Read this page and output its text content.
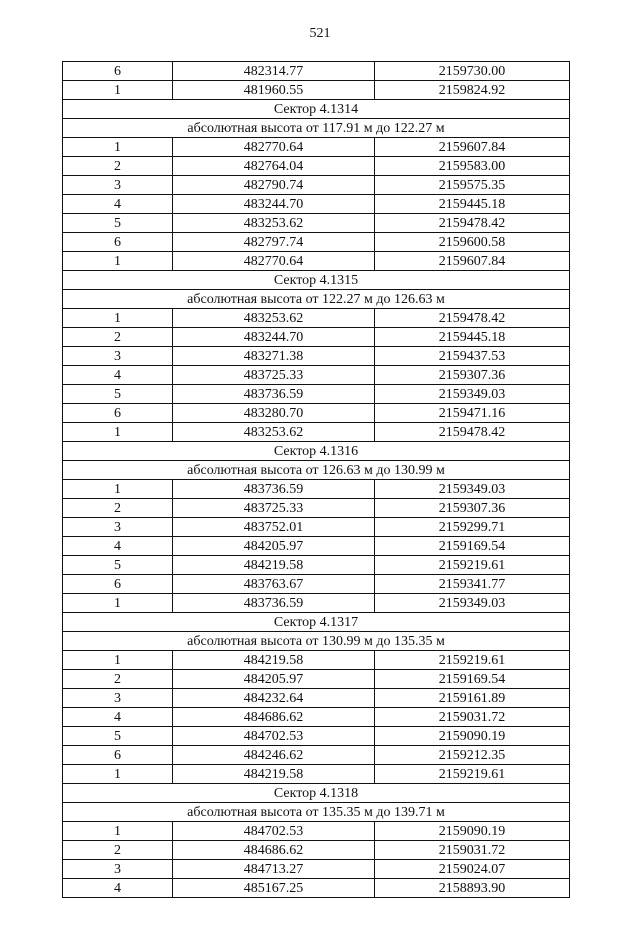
521
6	482314.77	2159730.00
1	481960.55	2159824.92
Сектор 4.1314		
абсолютная высота от 117.91 м до 122.27 м		
1	482770.64	2159607.84
2	482764.04	2159583.00
3	482790.74	2159575.35
4	483244.70	2159445.18
5	483253.62	2159478.42
6	482797.74	2159600.58
1	482770.64	2159607.84
Сектор 4.1315		
абсолютная высота от 122.27 м до 126.63 м		
1	483253.62	2159478.42
2	483244.70	2159445.18
3	483271.38	2159437.53
4	483725.33	2159307.36
5	483736.59	2159349.03
6	483280.70	2159471.16
1	483253.62	2159478.42
Сектор 4.1316		
абсолютная высота от 126.63 м до 130.99 м		
1	483736.59	2159349.03
2	483725.33	2159307.36
3	483752.01	2159299.71
4	484205.97	2159169.54
5	484219.58	2159219.61
6	483763.67	2159341.77
1	483736.59	2159349.03
Сектор 4.1317		
абсолютная высота от 130.99 м до 135.35 м		
1	484219.58	2159219.61
2	484205.97	2159169.54
3	484232.64	2159161.89
4	484686.62	2159031.72
5	484702.53	2159090.19
6	484246.62	2159212.35
1	484219.58	2159219.61
Сектор 4.1318		
абсолютная высота от 135.35 м до 139.71 м		
1	484702.53	2159090.19
2	484686.62	2159031.72
3	484713.27	2159024.07
4	485167.25	2158893.90
